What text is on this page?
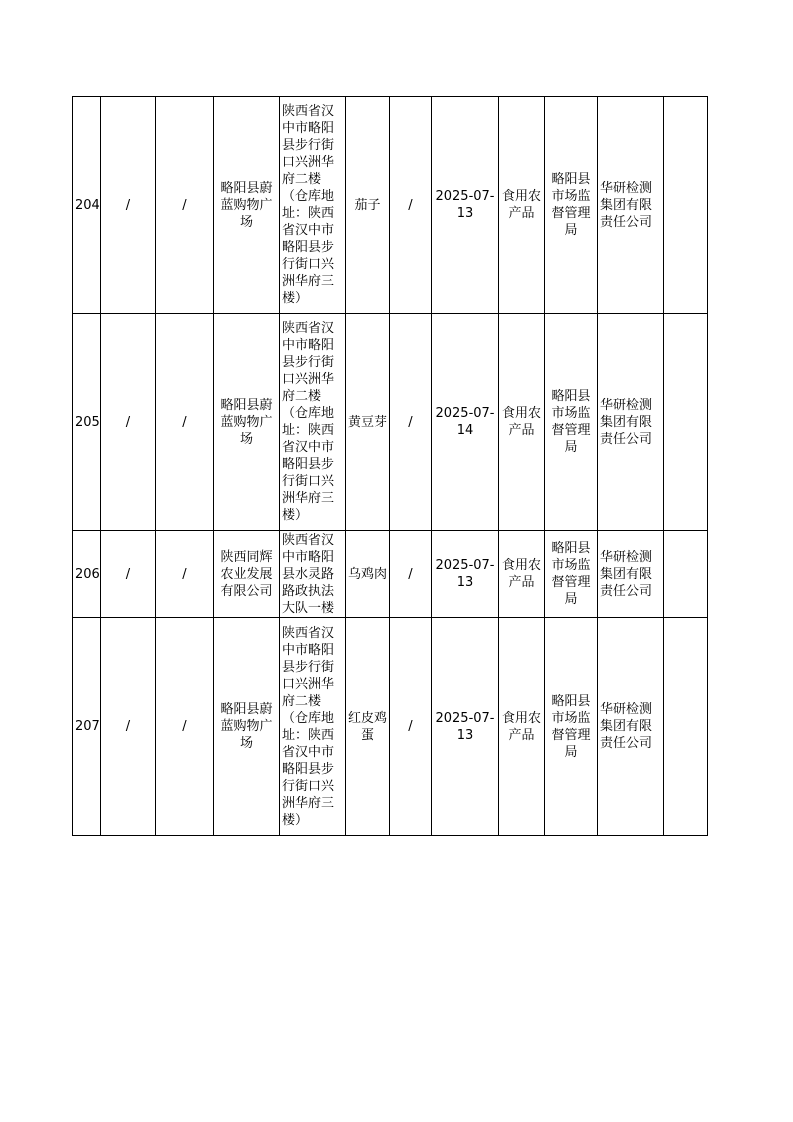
204	/	/	略阳县蔚蓝购物广场	陕西省汉中市略阳县步行街口兴洲华府二楼（仓库地址：陕西省汉中市略阳县步行街口兴洲华府三楼）	茄子	/	2025-07-13	食用农产品	略阳县市场监督管理局	华研检测集团有限责任公司	
205	/	/	略阳县蔚蓝购物广场	陕西省汉中市略阳县步行街口兴洲华府二楼（仓库地址：陕西省汉中市略阳县步行街口兴洲华府三楼）	黄豆芽	/	2025-07-14	食用农产品	略阳县市场监督管理局	华研检测集团有限责任公司	
206	/	/	陕西同辉农业发展有限公司	陕西省汉中市略阳县水灵路路政执法大队一楼	乌鸡肉	/	2025-07-13	食用农产品	略阳县市场监督管理局	华研检测集团有限责任公司	
207	/	/	略阳县蔚蓝购物广场	陕西省汉中市略阳县步行街口兴洲华府二楼（仓库地址：陕西省汉中市略阳县步行街口兴洲华府三楼）	红皮鸡蛋	/	2025-07-13	食用农产品	略阳县市场监督管理局	华研检测集团有限责任公司	
